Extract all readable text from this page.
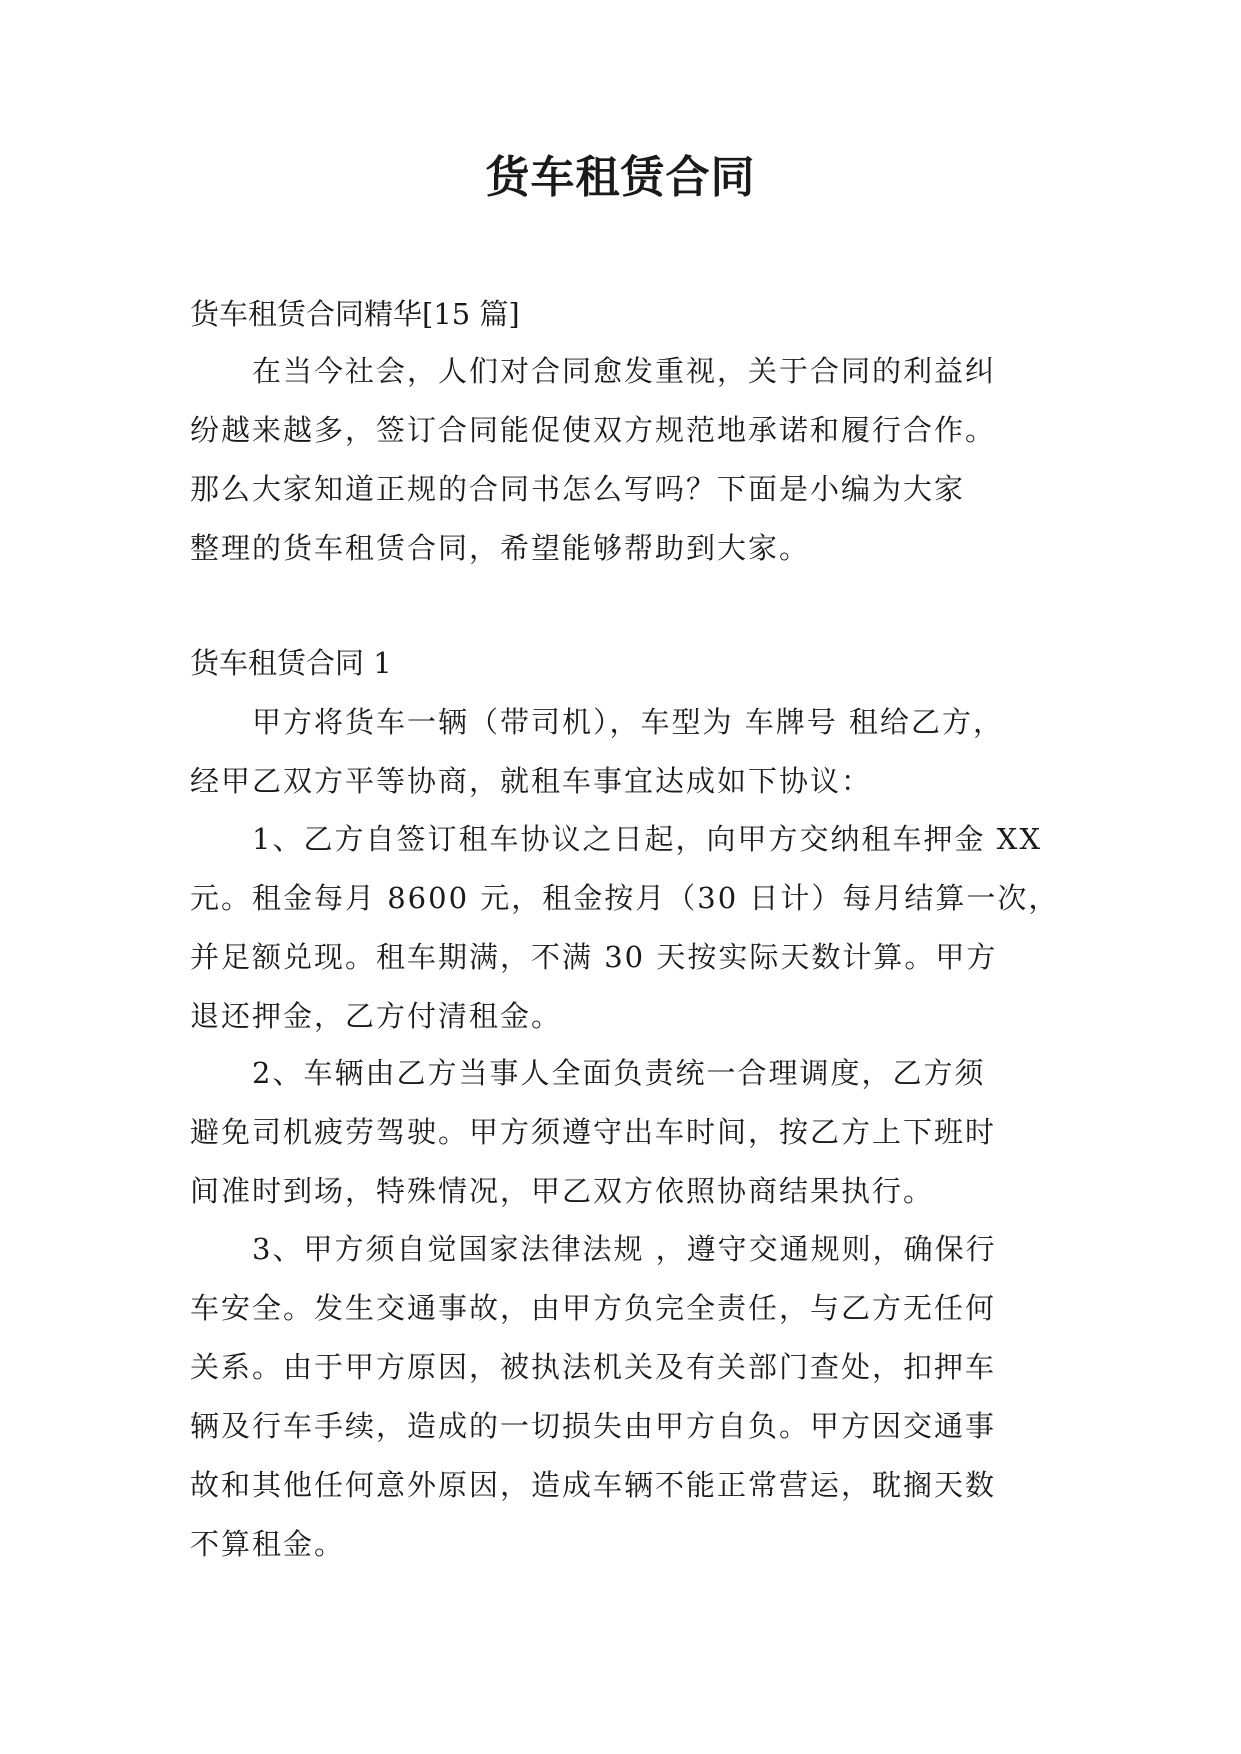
货车租赁合同
货车租赁合同精华[15 篇]
在当今社会，人们对合同愈发重视，关于合同的利益纠
纷越来越多，签订合同能促使双方规范地承诺和履行合作。
那么大家知道正规的合同书怎么写吗？下面是小编为大家
整理的货车租赁合同，希望能够帮助到大家。
货车租赁合同 1
甲方将货车一辆（带司机），车型为 车牌号 租给乙方，
经甲乙双方平等协商，就租车事宜达成如下协议：
1、乙方自签订租车协议之日起，向甲方交纳租车押金 XX
元。租金每月 8600 元，租金按月（30 日计）每月结算一次，
并足额兑现。租车期满，不满 30 天按实际天数计算。甲方
退还押金，乙方付清租金。
2、车辆由乙方当事人全面负责统一合理调度，乙方须
避免司机疲劳驾驶。甲方须遵守出车时间，按乙方上下班时
间准时到场，特殊情况，甲乙双方依照协商结果执行。
3、甲方须自觉国家法律法规 ，遵守交通规则，确保行
车安全。发生交通事故，由甲方负完全责任，与乙方无任何
关系。由于甲方原因，被执法机关及有关部门查处，扣押车
辆及行车手续，造成的一切损失由甲方自负。甲方因交通事
故和其他任何意外原因，造成车辆不能正常营运，耽搁天数
不算租金。
